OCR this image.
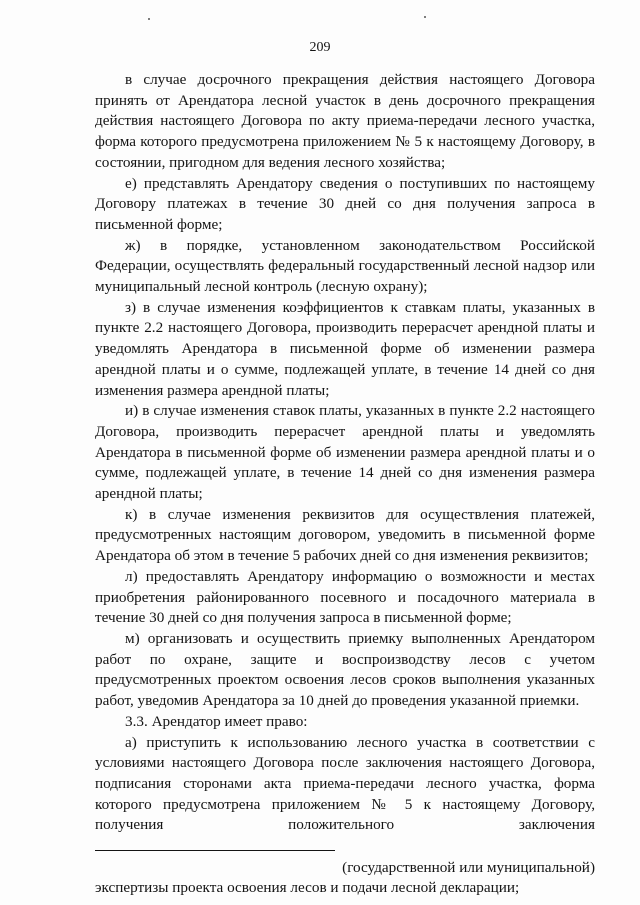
209

в случае досрочного прекращения действия настоящего Договора принять от Арендатора лесной участок в день досрочного прекращения действия настоящего Договора по акту приема-передачи лесного участка, форма которого предусмотрена приложением № 5 к настоящему Договору, в состоянии, пригодном для ведения лесного хозяйства;

е) представлять Арендатору сведения о поступивших по настоящему Договору платежах в течение 30 дней со дня получения запроса в письменной форме;

ж) в порядке, установленном законодательством Российской Федерации, осуществлять федеральный государственный лесной надзор или муниципальный лесной контроль (лесную охрану);

з) в случае изменения коэффициентов к ставкам платы, указанных в пункте 2.2 настоящего Договора, производить перерасчет арендной платы и уведомлять Арендатора в письменной форме об изменении размера арендной платы и о сумме, подлежащей уплате, в течение 14 дней со дня изменения размера арендной платы;

и) в случае изменения ставок платы, указанных в пункте 2.2 настоящего Договора, производить перерасчет арендной платы и уведомлять Арендатора в письменной форме об изменении размера арендной платы и о сумме, подлежащей уплате, в течение 14 дней со дня изменения размера арендной платы;

к) в случае изменения реквизитов для осуществления платежей, предусмотренных настоящим договором, уведомить в письменной форме Арендатора об этом в течение 5 рабочих дней со дня изменения реквизитов;

л) предоставлять Арендатору информацию о возможности и местах приобретения районированного посевного и посадочного материала в течение 30 дней со дня получения запроса в письменной форме;

м) организовать и осуществить приемку выполненных Арендатором работ по охране, защите и воспроизводству лесов с учетом предусмотренных проектом освоения лесов сроков выполнения указанных работ, уведомив Арендатора за 10 дней до проведения указанной приемки.

3.3. Арендатор имеет право:

а) приступить к использованию лесного участка в соответствии с условиями настоящего Договора после заключения настоящего Договора, подписания сторонами акта приема-передачи лесного участка, форма которого предусмотрена приложением № 5 к настоящему Договору, получения положительного заключения

(государственной или муниципальной)

экспертизы проекта освоения лесов и подачи лесной декларации;
